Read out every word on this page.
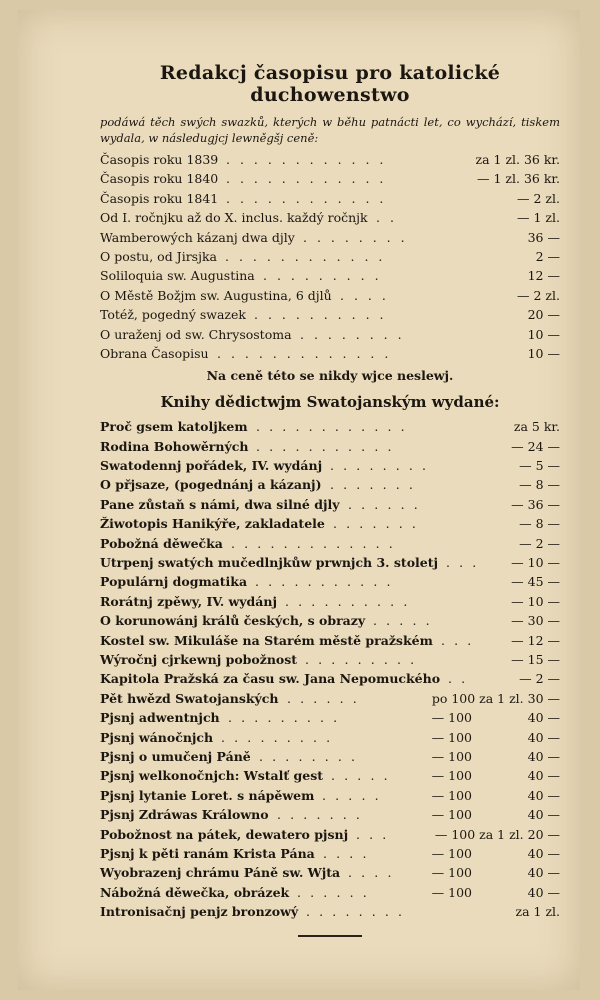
Redakcj časopisu pro katolické duchowenstwo
podáwá těch swých swazků, kterých w běhu patnácti let, co wychází, tiskem wydala, w následugjcj lewněgšj ceně:
Časopis roku 1839 . . . . . . . . . . . .	za 1 zl. 36 kr.
Časopis roku 1840 . . . . . . . . . . . .	— 1 zl. 36 kr.
Časopis roku 1841 . . . . . . . . . . . .	— 2 zl.
Od I. ročnjku až do X. inclus. každý ročnjk . .	— 1 zl.
Wamberowých kázanj dwa djly . . . . . . . .	36 —
O postu, od Jirsjka . . . . . . . . . . . .	2 —
Soliloquia sw. Augustina . . . . . . . . .	12 —
O Městě Božjm sw. Augustina, 6 djlů . . . .	— 2 zl.
Totéž, pogedný swazek . . . . . . . . . .	20 —
O uraženj od sw. Chrysostoma . . . . . . . .	10 —
Obrana Časopisu . . . . . . . . . . . . .	10 —
Na ceně této se nikdy wjce neslewj.
Knihy dědictwjm Swatojanským wydané:
Proč gsem katoljkem . . . . . . . . . . . .	za 5 kr.
Rodina Bohowěrných . . . . . . . . . . .	— 24 —
Swatodennj pořádek, IV. wydánj . . . . . . . .	— 5 —
O přjsaze, (pogednánj a kázanj) . . . . . . .	— 8 —
Pane zůstaň s námi, dwa silné djly . . . . . .	— 36 —
Žiwotopis Hanikýře, zakladatele . . . . . . .	— 8 —
Pobožná děwečka . . . . . . . . . . . . .	— 2 —
Utrpenj swatých mučedlnjkůw prwnjch 3. stoletj . . .	— 10 —
Populárnj dogmatika . . . . . . . . . . .	— 45 —
Rorátnj zpěwy, IV. wydánj . . . . . . . . . .	— 10 —
O korunowánj králů českých, s obrazy . . . . .	— 30 —
Kostel sw. Mikuláše na Starém městě pražském . . .	— 12 —
Wýročnj cjrkewnj pobožnost . . . . . . . . .	— 15 —
Kapitola Pražská za času sw. Jana Nepomuckého . .	— 2 —
Pět hwězd Swatojanských . . . . . .	po 100 za 1 zl. 30 —
Pjsnj adwentnjch . . . . . . . . .	— 100              40 —
Pjsnj wánočnjch . . . . . . . . .	— 100              40 —
Pjsnj o umučenj Páně . . . . . . . .	— 100              40 —
Pjsnj welkonočnjch: Wstalť gest . . . . .	— 100              40 —
Pjsnj lytanie Loret. s nápěwem . . . . .	— 100              40 —
Pjsnj Zdráwas Králowno . . . . . . .	— 100              40 —
Pobožnost na pátek, dewatero pjsnj . . .	— 100 za 1 zl. 20 —
Pjsnj k pěti ranám Krista Pána . . . .	— 100              40 —
Wyobrazenj chrámu Páně sw. Wjta . . . .	— 100              40 —
Nábožná děwečka, obrázek . . . . . .	— 100              40 —
Intronisačnj penjz bronzowý . . . . . . . .	za 1 zl.
